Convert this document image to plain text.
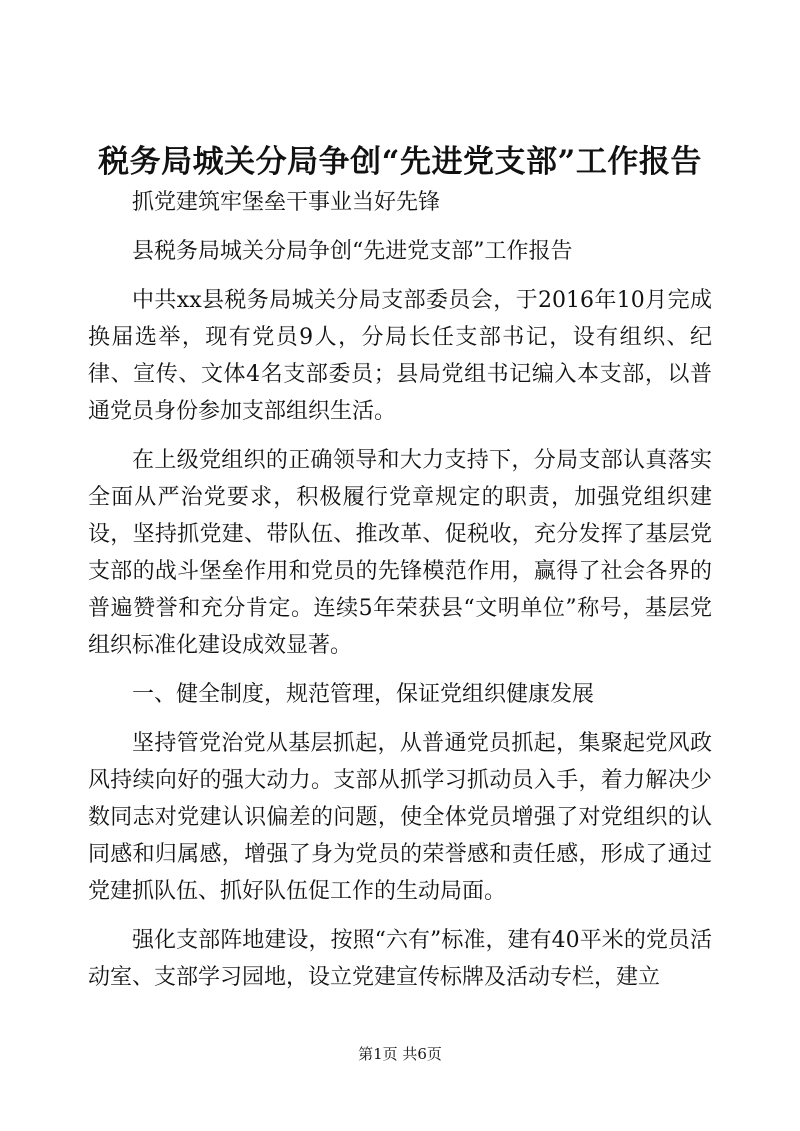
税务局城关分局争创“先进党支部”工作报告

抓党建筑牢堡垒干事业当好先锋

县税务局城关分局争创“先进党支部”工作报告

中共xx县税务局城关分局支部委员会，于2016年10月完成换届选举，现有党员9人，分局长任支部书记，设有组织、纪律、宣传、文体4名支部委员；县局党组书记编入本支部，以普通党员身份参加支部组织生活。

在上级党组织的正确领导和大力支持下，分局支部认真落实全面从严治党要求，积极履行党章规定的职责，加强党组织建设，坚持抓党建、带队伍、推改革、促税收，充分发挥了基层党支部的战斗堡垒作用和党员的先锋模范作用，赢得了社会各界的普遍赞誉和充分肯定。连续5年荣获县“文明单位”称号，基层党组织标准化建设成效显著。

一、健全制度，规范管理，保证党组织健康发展

坚持管党治党从基层抓起，从普通党员抓起，集聚起党风政风持续向好的强大动力。支部从抓学习抓动员入手，着力解决少数同志对党建认识偏差的问题，使全体党员增强了对党组织的认同感和归属感，增强了身为党员的荣誉感和责任感，形成了通过党建抓队伍、抓好队伍促工作的生动局面。

强化支部阵地建设，按照“六有”标准，建有40平米的党员活动室、支部学习园地，设立党建宣传标牌及活动专栏，建立

第1页 共6页
